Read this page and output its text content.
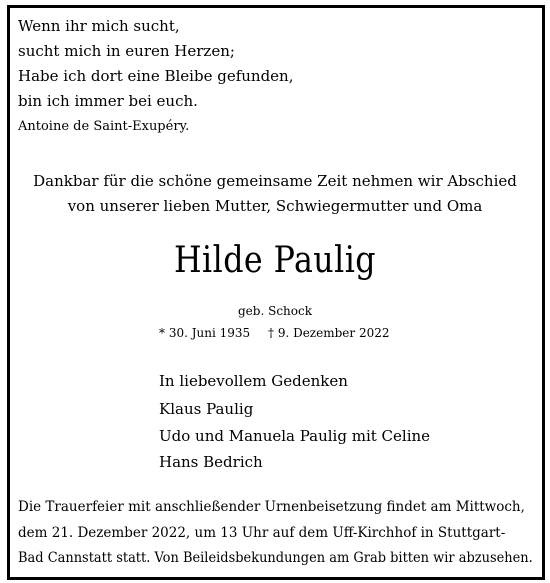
Wenn ihr mich sucht,
sucht mich in euren Herzen;
Habe ich dort eine Bleibe gefunden,
bin ich immer bei euch.
Antoine de Saint-Exupéry.
Dankbar für die schöne gemeinsame Zeit nehmen wir Abschied
von unserer lieben Mutter, Schwiegermutter und Oma
Hilde Paulig
geb. Schock
* 30. Juni 1935 † 9. Dezember 2022
In liebevollem Gedenken
Klaus Paulig
Udo und Manuela Paulig mit Celine
Hans Bedrich
Die Trauerfeier mit anschließender Urnenbeisetzung findet am Mittwoch,
dem 21. Dezember 2022, um 13 Uhr auf dem Uff-Kirchhof in Stuttgart-
Bad Cannstatt statt. Von Beileidsbekundungen am Grab bitten wir abzusehen.
